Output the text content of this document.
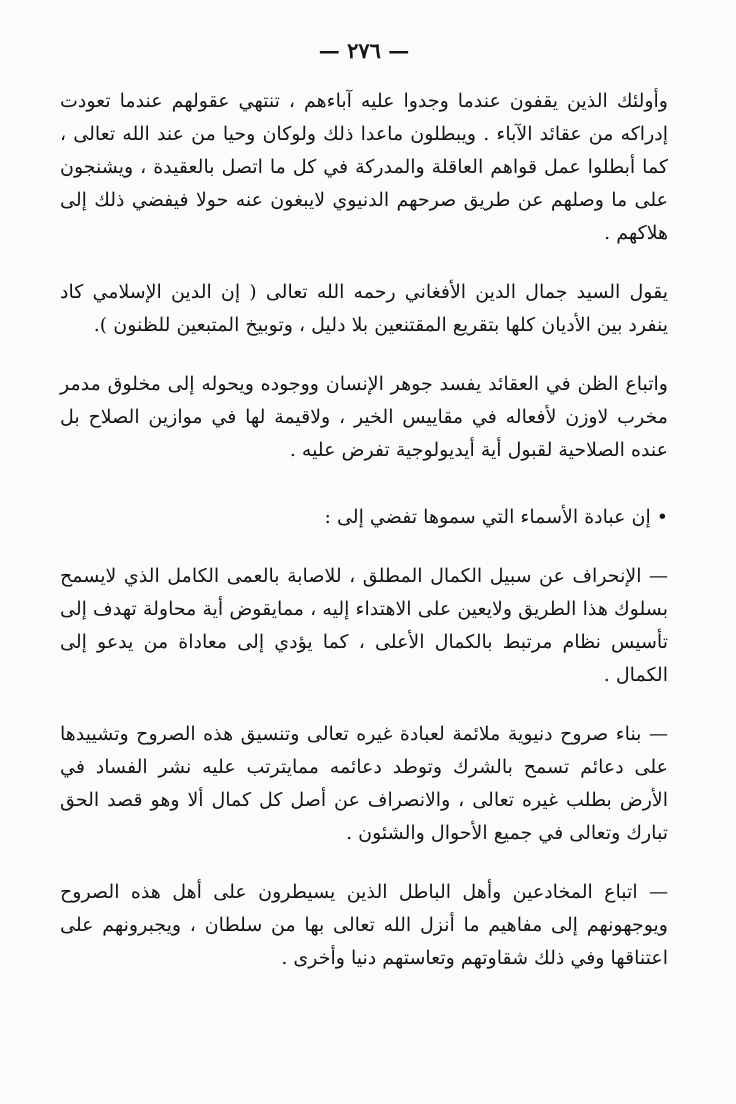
— ٢٧٦ —

وأولئك الذين يقفون عندما وجدوا عليه آباءهم ، تنتهي عقولهم عندما تعودت إدراكه من عقائد الآباء . ويبطلون ماعدا ذلك ولوكان وحيا من عند الله تعالى ، كما أبطلوا عمل قواهم العاقلة والمدركة في كل ما اتصل بالعقيدة ، ويشنجون على ما وصلهم عن طريق صرحهم الدنيوي لايبغون عنه حولا فيفضي ذلك إلى هلاكهم .

يقول السيد جمال الدين الأفغاني رحمه الله تعالى ( إن الدين الإسلامي كاد ينفرد بين الأديان كلها بتقريع المقتنعين بلا دليل ، وتوبيخ المتبعين للظنون ).

واتباع الظن في العقائد يفسد جوهر الإنسان ووجوده ويحوله إلى مخلوق مدمر مخرب لاوزن لأفعاله في مقاييس الخير ، ولاقيمة لها في موازين الصلاح بل عنده الصلاحية لقبول أية أيديولوجية تفرض عليه .

• إن عبادة الأسماء التي سموها تفضي إلى :

— الإنحراف عن سبيل الكمال المطلق ، للاصابة بالعمى الكامل الذي لايسمح بسلوك هذا الطريق ولايعين على الاهتداء إليه ، ممايقوض أية محاولة تهدف إلى تأسيس نظام مرتبط بالكمال الأعلى ، كما يؤدي إلى معاداة من يدعو إلى الكمال .

— بناء صروح دنيوية ملائمة لعبادة غيره تعالى وتنسيق هذه الصروح وتشييدها على دعائم تسمح بالشرك وتوطد دعائمه ممايترتب عليه نشر الفساد في الأرض بطلب غيره تعالى ، والانصراف عن أصل كل كمال ألا وهو قصد الحق تبارك وتعالى في جميع الأحوال والشئون .

— اتباع المخادعين وأهل الباطل الذين يسيطرون على أهل هذه الصروح ويوجهونهم إلى مفاهيم ما أنزل الله تعالى بها من سلطان ، ويجبرونهم على اعتناقها وفي ذلك شقاوتهم وتعاستهم دنيا وأخرى .
